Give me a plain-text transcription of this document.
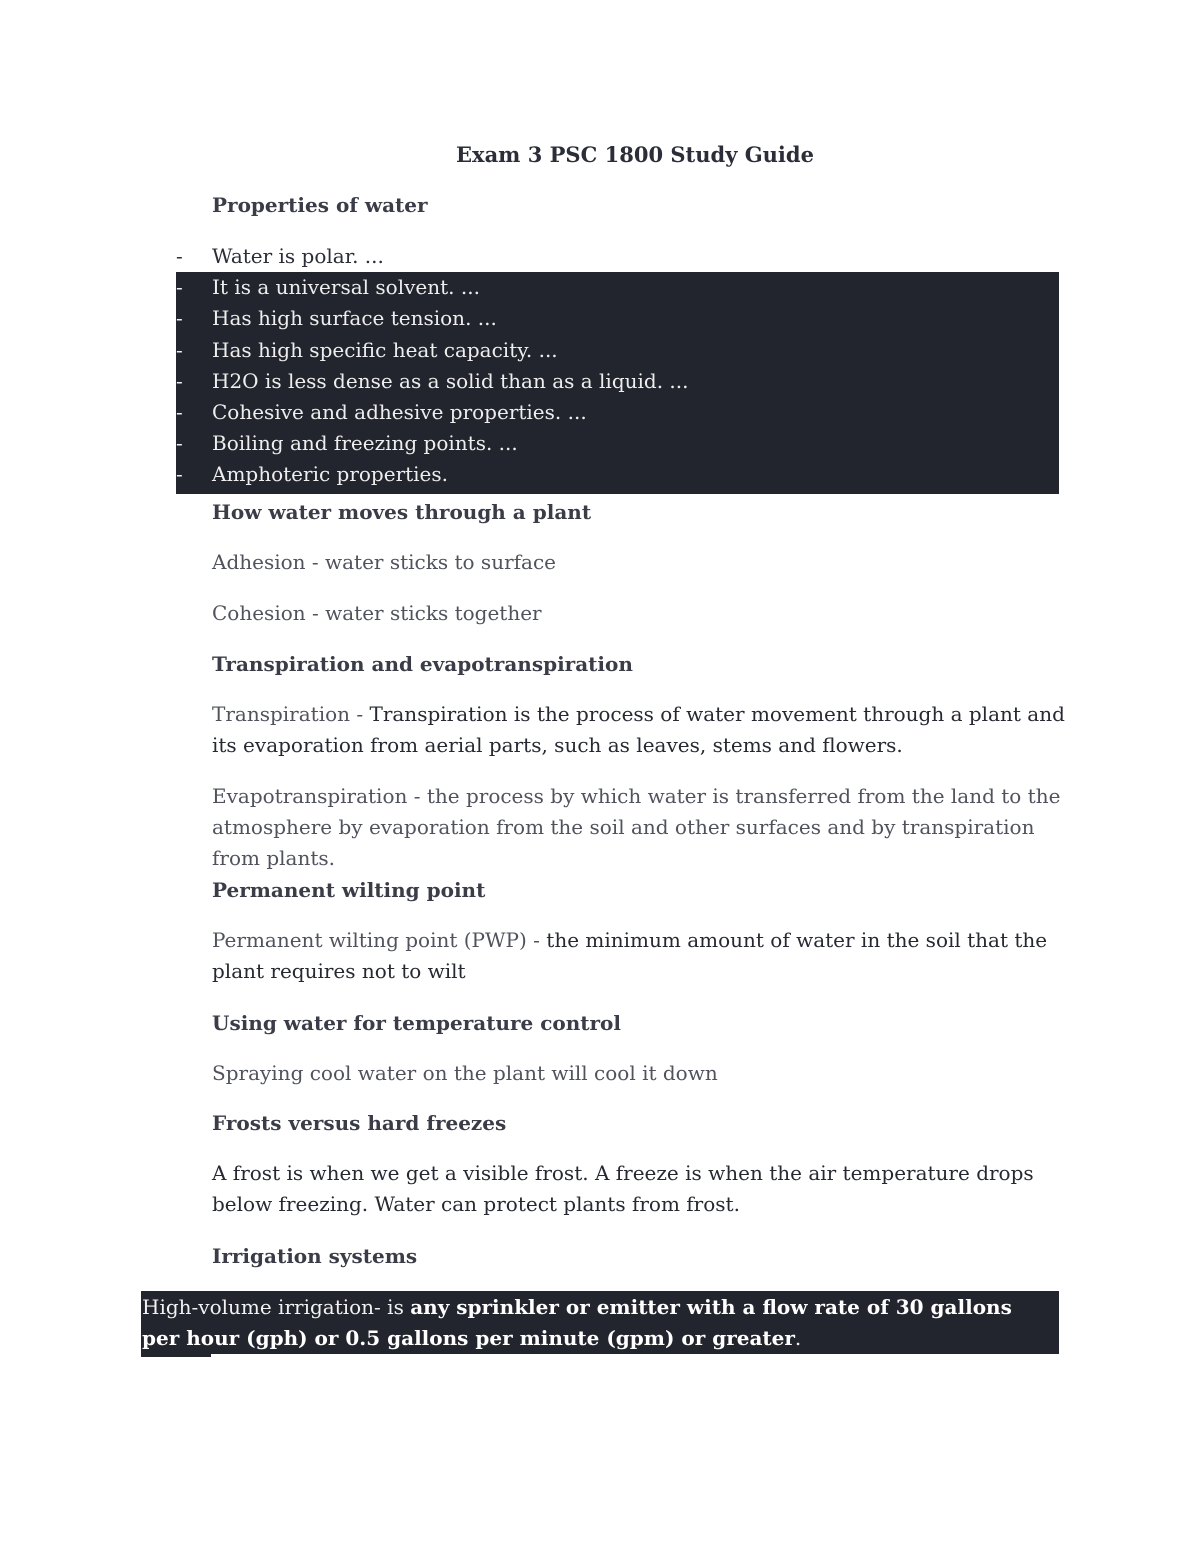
Exam 3 PSC 1800 Study Guide
Properties of water
- Water is polar. ...
- It is a universal solvent. ...
- Has high surface tension. ...
- Has high specific heat capacity. ...
- H2O is less dense as a solid than as a liquid. ...
- Cohesive and adhesive properties. ...
- Boiling and freezing points. ...
- Amphoteric properties.
How water moves through a plant
Adhesion - water sticks to surface
Cohesion - water sticks together
Transpiration and evapotranspiration
Transpiration - Transpiration is the process of water movement through a plant and its evaporation from aerial parts, such as leaves, stems and flowers.
Evapotranspiration - the process by which water is transferred from the land to the atmosphere by evaporation from the soil and other surfaces and by transpiration from plants.
Permanent wilting point
Permanent wilting point (PWP) - the minimum amount of water in the soil that the plant requires not to wilt
Using water for temperature control
Spraying cool water on the plant will cool it down
Frosts versus hard freezes
A frost is when we get a visible frost. A freeze is when the air temperature drops below freezing. Water can protect plants from frost.
Irrigation systems
High-volume irrigation- is any sprinkler or emitter with a flow rate of 30 gallons per hour (gph) or 0.5 gallons per minute (gpm) or greater.
